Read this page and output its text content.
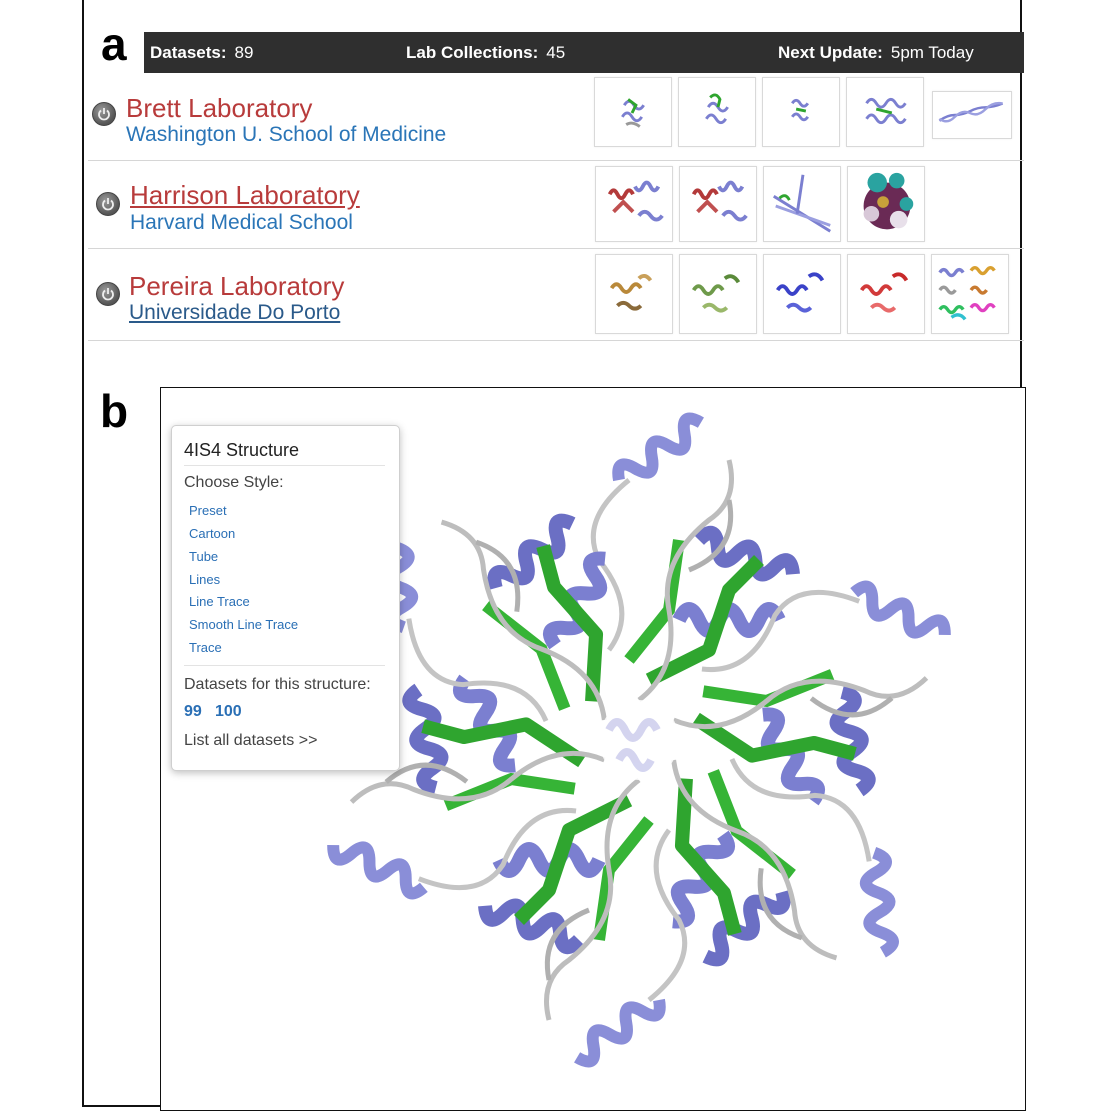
a
b
Datasets: 89	Lab Collections: 45	Next Update: 5pm Today
Brett Laboratory
Washington U. School of Medicine
Harrison Laboratory
Harvard Medical School
Pereira Laboratory
Universidade Do Porto
4IS4 Structure
Choose Style:
Preset
Cartoon
Tube
Lines
Line Trace
Smooth Line Trace
Trace
Datasets for this structure:
99 100
List all datasets >>
